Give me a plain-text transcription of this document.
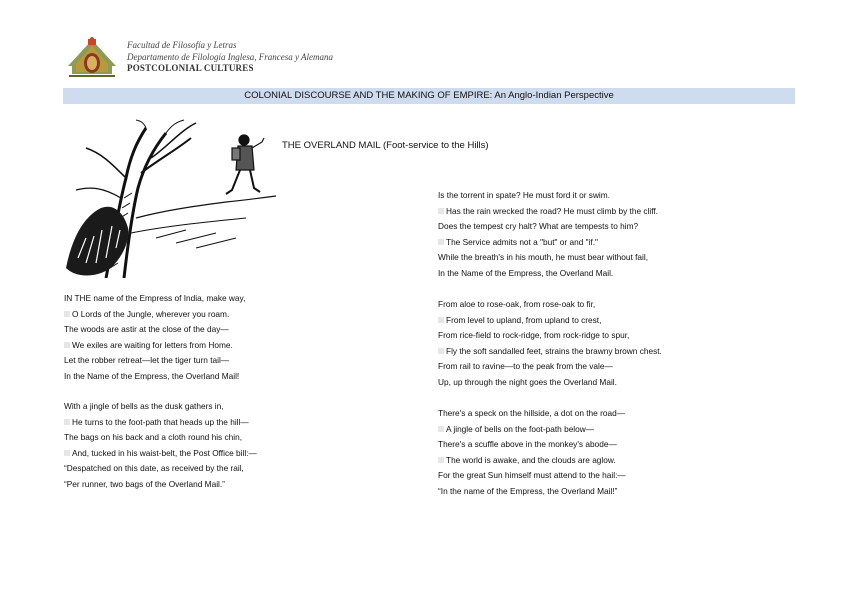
Facultad de Filosofía y Letras
Departamento de Filología Inglesa, Francesa y Alemana
POSTCOLONIAL CULTURES
COLONIAL DISCOURSE AND THE MAKING OF EMPIRE: An Anglo-Indian Perspective
THE OVERLAND MAIL (Foot-service to the Hills)
IN THE name of the Empress of India, make way,
O Lords of the Jungle, wherever you roam.
The woods are astir at the close of the day—
We exiles are waiting for letters from Home.
Let the robber retreat—let the tiger turn tail—
In the Name of the Empress, the Overland Mail!
With a jingle of bells as the dusk gathers in,
He turns to the foot-path that heads up the hill—
The bags on his back and a cloth round his chin,
And, tucked in his waist-belt, the Post Office bill:—
“Despatched on this date, as received by the rail,
“Per runner, two bags of the Overland Mail.”
Is the torrent in spate? He must ford it or swim.
Has the rain wrecked the road? He must climb by the cliff.
Does the tempest cry halt? What are tempests to him?
The Service admits not a "but" or and "if."
While the breath's in his mouth, he must bear without fail,
In the Name of the Empress, the Overland Mail.
From aloe to rose-oak, from rose-oak to fir,
From level to upland, from upland to crest,
From rice-field to rock-ridge, from rock-ridge to spur,
Fly the soft sandalled feet, strains the brawny brown chest.
From rail to ravine—to the peak from the vale—
Up, up through the night goes the Overland Mail.
There's a speck on the hillside, a dot on the road—
A jingle of bells on the foot-path below—
There's a scuffle above in the monkey's abode—
The world is awake, and the clouds are aglow.
For the great Sun himself must attend to the hail:—
“In the name of the Empress, the Overland Mail!”
